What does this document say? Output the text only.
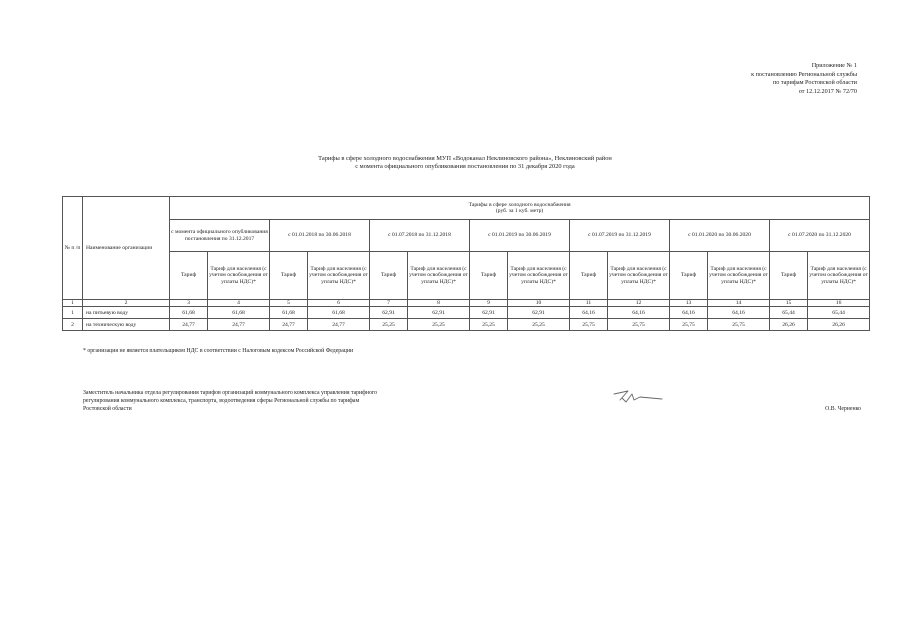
Приложение № 1
к постановлению Региональной службы
по тарифам Ростовской области
от 12.12.2017 № 72/70
Тарифы в сфере холодного водоснабжения МУП «Водоканал Неклиновского района», Неклиновский район
с момента официального опубликования постановления по 31 декабря 2020 года
№ п /п	Наименование организации	Тарифы в сфере холодного водоснабжения
(руб. за 1 куб. метр)													

		с момента официального опубликования постановления по 31.12.2017		с 01.01.2018 по 30.06.2018		с 01.07.2018 по 31.12.2018		с 01.01.2019 по 30.06.2019		с 01.07.2019 по 31.12.2019		с 01.01.2020 по 30.06.2020		с 01.07.2020 по 31.12.2020	
		Тариф	Тариф для населения (с учетом освобождения от уплаты НДС)*	Тариф	Тариф для населения (с учетом освобождения от уплаты НДС)*	Тариф	Тариф для населения (с учетом освобождения от уплаты НДС)*	Тариф	Тариф для населения (с учетом освобождения от уплаты НДС)*	Тариф	Тариф для населения (с учетом освобождения от уплаты НДС)*	Тариф	Тариф для населения (с учетом освобождения от уплаты НДС)*	Тариф	Тариф для населения (с учетом освобождения от уплаты НДС)*
1	2	3	4	5	6	7	8	9	10	11	12	13	14	15	16
1	на питьевую воду	61,68	61,68	61,68	61,68	62,91	62,91	62,91	62,91	64,16	64,16	64,16	64,16	65,44	65,44
2	на техническую воду	24,77	24,77	24,77	24,77	25,25	25,25	25,25	25,25	25,75	25,75	25,75	25,75	26,26	26,26
* организация не является плательщиком НДС в соответствии с Налоговым кодексом Российской Федерации
Заместитель начальника отдела регулирования тарифов организаций коммунального комплекса управления тарифного
регулирования коммунального комплекса, транспорта, водоотведения сферы Региональной службы по тарифам
Ростовской области	О.В. Черненко
